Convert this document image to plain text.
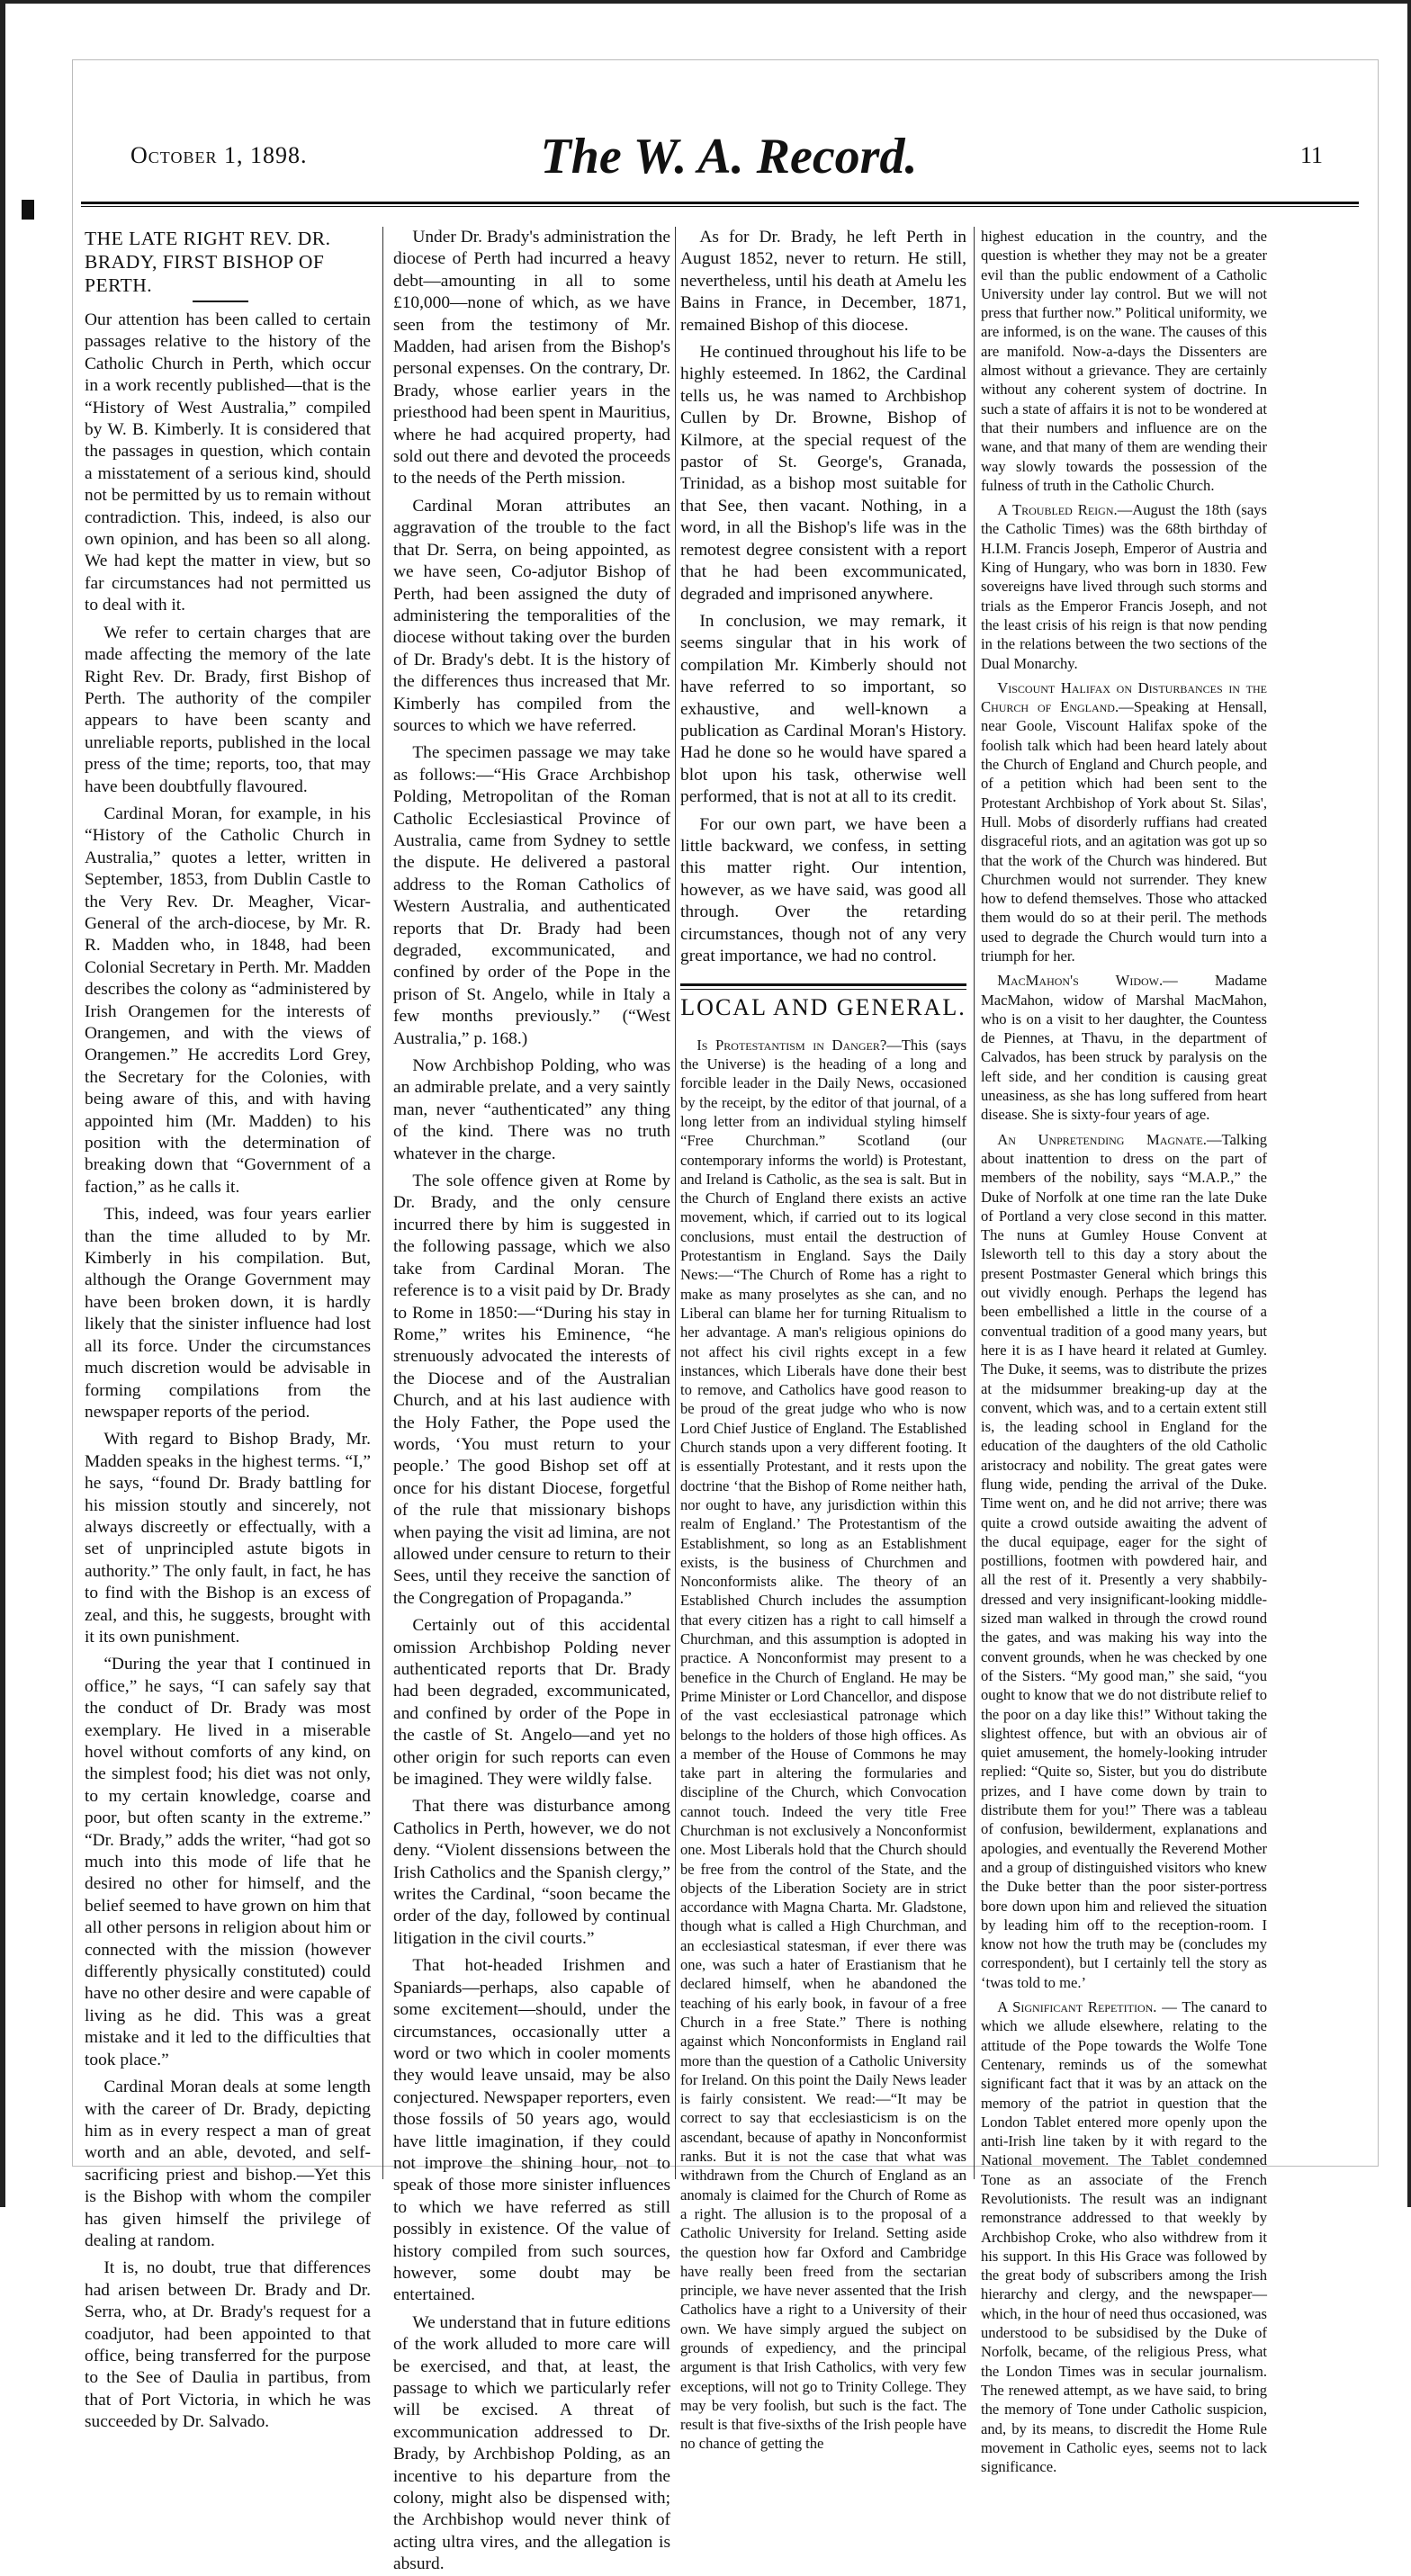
October 1, 1898.	The W. A. Record.	11

THE LATE RIGHT REV. DR. BRADY, FIRST BISHOP OF PERTH.

Our attention has been called to certain passages relative to the history of the Catholic Church in Perth, which occur in a work recently published—that is the “History of West Australia,” compiled by W. B. Kimberly. It is considered that the passages in question, which contain a misstatement of a serious kind, should not be permitted by us to remain without contradiction. This, indeed, is also our own opinion, and has been so all along. We had kept the matter in view, but so far circumstances had not permitted us to deal with it.

We refer to certain charges that are made affecting the memory of the late Right Rev. Dr. Brady, first Bishop of Perth. The authority of the compiler appears to have been scanty and unreliable reports, published in the local press of the time; reports, too, that may have been doubtfully flavoured.

Cardinal Moran, for example, in his “History of the Catholic Church in Australia,” quotes a letter, written in September, 1853, from Dublin Castle to the Very Rev. Dr. Meagher, Vicar-General of the arch-diocese, by Mr. R. R. Madden who, in 1848, had been Colonial Secretary in Perth. Mr. Madden describes the colony as “administered by Irish Orangemen for the interests of Orangemen, and with the views of Orangemen.” He accredits Lord Grey, the Secretary for the Colonies, with being aware of this, and with having appointed him (Mr. Madden) to his position with the determination of breaking down that “Government of a faction,” as he calls it.

This, indeed, was four years earlier than the time alluded to by Mr. Kimberly in his compilation. But, although the Orange Government may have been broken down, it is hardly likely that the sinister influence had lost all its force. Under the circumstances much discretion would be advisable in forming compilations from the newspaper reports of the period.

With regard to Bishop Brady, Mr. Madden speaks in the highest terms. “I,” he says, “found Dr. Brady battling for his mission stoutly and sincerely, not always discreetly or effectually, with a set of unprincipled astute bigots in authority.” The only fault, in fact, he has to find with the Bishop is an excess of zeal, and this, he suggests, brought with it its own punishment.

“During the year that I continued in office,” he says, “I can safely say that the conduct of Dr. Brady was most exemplary. He lived in a miserable hovel without comforts of any kind, on the simplest food; his diet was not only, to my certain knowledge, coarse and poor, but often scanty in the extreme.” “Dr. Brady,” adds the writer, “had got so much into this mode of life that he desired no other for himself, and the belief seemed to have grown on him that all other persons in religion about him or connected with the mission (however differently physically constituted) could have no other desire and were capable of living as he did. This was a great mistake and it led to the difficulties that took place.”

Cardinal Moran deals at some length with the career of Dr. Brady, depicting him as in every respect a man of great worth and an able, devoted, and self-sacrificing priest and bishop.—Yet this is the Bishop with whom the compiler has given himself the privilege of dealing at random.

It is, no doubt, true that differences had arisen between Dr. Brady and Dr. Serra, who, at Dr. Brady's request for a coadjutor, had been appointed to that office, being transferred for the purpose to the See of Daulia in partibus, from that of Port Victoria, in which he was succeeded by Dr. Salvado.

Under Dr. Brady's administration the diocese of Perth had incurred a heavy debt—amounting in all to some £10,000—none of which, as we have seen from the testimony of Mr. Madden, had arisen from the Bishop's personal expenses. On the contrary, Dr. Brady, whose earlier years in the priesthood had been spent in Mauritius, where he had acquired property, had sold out there and devoted the proceeds to the needs of the Perth mission.

Cardinal Moran attributes an aggravation of the trouble to the fact that Dr. Serra, on being appointed, as we have seen, Co-adjutor Bishop of Perth, had been assigned the duty of administering the temporalities of the diocese without taking over the burden of Dr. Brady's debt. It is the history of the differences thus increased that Mr. Kimberly has compiled from the sources to which we have referred.

The specimen passage we may take as follows:—“His Grace Archbishop Polding, Metropolitan of the Roman Catholic Ecclesiastical Province of Australia, came from Sydney to settle the dispute. He delivered a pastoral address to the Roman Catholics of Western Australia, and authenticated reports that Dr. Brady had been degraded, excommunicated, and confined by order of the Pope in the prison of St. Angelo, while in Italy a few months previously.” (“West Australia,” p. 168.)

Now Archbishop Polding, who was an admirable prelate, and a very saintly man, never “authenticated” any thing of the kind. There was no truth whatever in the charge.

The sole offence given at Rome by Dr. Brady, and the only censure incurred there by him is suggested in the following passage, which we also take from Cardinal Moran. The reference is to a visit paid by Dr. Brady to Rome in 1850:—“During his stay in Rome,” writes his Eminence, “he strenuously advocated the interests of the Diocese and of the Australian Church, and at his last audience with the Holy Father, the Pope used the words, ‘You must return to your people.’ The good Bishop set off at once for his distant Diocese, forgetful of the rule that missionary bishops when paying the visit ad limina, are not allowed under censure to return to their Sees, until they receive the sanction of the Congregation of Propaganda.”

Certainly out of this accidental omission Archbishop Polding never authenticated reports that Dr. Brady had been degraded, excommunicated, and confined by order of the Pope in the castle of St. Angelo—and yet no other origin for such reports can even be imagined. They were wildly false.

That there was disturbance among Catholics in Perth, however, we do not deny. “Violent dissensions between the Irish Catholics and the Spanish clergy,” writes the Cardinal, “soon became the order of the day, followed by continual litigation in the civil courts.”

That hot-headed Irishmen and Spaniards—perhaps, also capable of some excitement—should, under the circumstances, occasionally utter a word or two which in cooler moments they would leave unsaid, may be also conjectured. Newspaper reporters, even those fossils of 50 years ago, would have little imagination, if they could not improve the shining hour, not to speak of those more sinister influences to which we have referred as still possibly in existence. Of the value of history compiled from such sources, however, some doubt may be entertained.

We understand that in future editions of the work alluded to more care will be exercised, and that, at least, the passage to which we particularly refer will be excised. A threat of excommunication addressed to Dr. Brady, by Archbishop Polding, as an incentive to his departure from the colony, might also be dispensed with; the Archbishop would never think of acting ultra vires, and the allegation is absurd.

As for Dr. Brady, he left Perth in August 1852, never to return. He still, nevertheless, until his death at Amelu les Bains in France, in December, 1871, remained Bishop of this diocese.

He continued throughout his life to be highly esteemed. In 1862, the Cardinal tells us, he was named to Archbishop Cullen by Dr. Browne, Bishop of Kilmore, at the special request of the pastor of St. George's, Granada, Trinidad, as a bishop most suitable for that See, then vacant. Nothing, in a word, in all the Bishop's life was in the remotest degree consistent with a report that he had been excommunicated, degraded and imprisoned anywhere.

In conclusion, we may remark, it seems singular that in his work of compilation Mr. Kimberly should not have referred to so important, so exhaustive, and well-known a publication as Cardinal Moran's History. Had he done so he would have spared a blot upon his task, otherwise well performed, that is not at all to its credit.

For our own part, we have been a little backward, we confess, in setting this matter right. Our intention, however, as we have said, was good all through. Over the retarding circumstances, though not of any very great importance, we had no control.

LOCAL AND GENERAL.

Is Protestantism in Danger?—This (says the Universe) is the heading of a long and forcible leader in the Daily News, occasioned by the receipt, by the editor of that journal, of a long letter from an individual styling himself “Free Churchman.” Scotland (our contemporary informs the world) is Protestant, and Ireland is Catholic, as the sea is salt. But in the Church of England there exists an active movement, which, if carried out to its logical conclusions, must entail the destruction of Protestantism in England. Says the Daily News:—“The Church of Rome has a right to make as many proselytes as she can, and no Liberal can blame her for turning Ritualism to her advantage. A man's religious opinions do not affect his civil rights except in a few instances, which Liberals have done their best to remove, and Catholics have good reason to be proud of the great judge who who is now Lord Chief Justice of England. The Established Church stands upon a very different footing. It is essentially Protestant, and it rests upon the doctrine ‘that the Bishop of Rome neither hath, nor ought to have, any jurisdiction within this realm of England.’ The Protestantism of the Establishment, so long as an Establishment exists, is the business of Churchmen and Nonconformists alike. The theory of an Established Church includes the assumption that every citizen has a right to call himself a Churchman, and this assumption is adopted in practice. A Nonconformist may present to a benefice in the Church of England. He may be Prime Minister or Lord Chancellor, and dispose of the vast ecclesiastical patronage which belongs to the holders of those high offices. As a member of the House of Commons he may take part in altering the formularies and discipline of the Church, which Convocation cannot touch. Indeed the very title Free Churchman is not exclusively a Nonconformist one. Most Liberals hold that the Church should be free from the control of the State, and the objects of the Liberation Society are in strict accordance with Magna Charta. Mr. Gladstone, though what is called a High Churchman, and an ecclesiastical statesman, if ever there was one, was such a hater of Erastianism that he declared himself, when he abandoned the teaching of his early book, in favour of a free Church in a free State.” There is nothing against which Nonconformists in England rail more than the question of a Catholic University for Ireland. On this point the Daily News leader is fairly consistent. We read:—“It may be correct to say that ecclesiasticism is on the ascendant, because of apathy in Nonconformist ranks. But it is not the case that what was withdrawn from the Church of England as an anomaly is claimed for the Church of Rome as a right. The allusion is to the proposal of a Catholic University for Ireland. Setting aside the question how far Oxford and Cambridge have really been freed from the sectarian principle, we have never assented that the Irish Catholics have a right to a University of their own. We have simply argued the subject on grounds of expediency, and the principal argument is that Irish Catholics, with very few exceptions, will not go to Trinity College. They may be very foolish, but such is the fact. The result is that five-sixths of the Irish people have no chance of getting the

highest education in the country, and the question is whether they may not be a greater evil than the public endowment of a Catholic University under lay control. But we will not press that further now.” Political uniformity, we are informed, is on the wane. The causes of this are manifold. Now-a-days the Dissenters are almost without a grievance. They are certainly without any coherent system of doctrine. In such a state of affairs it is not to be wondered at that their numbers and influence are on the wane, and that many of them are wending their way slowly towards the possession of the fulness of truth in the Catholic Church.

A Troubled Reign.—August the 18th (says the Catholic Times) was the 68th birthday of H.I.M. Francis Joseph, Emperor of Austria and King of Hungary, who was born in 1830. Few sovereigns have lived through such storms and trials as the Emperor Francis Joseph, and not the least crisis of his reign is that now pending in the relations between the two sections of the Dual Monarchy.

Viscount Halifax on Disturbances in the Church of England.—Speaking at Hensall, near Goole, Viscount Halifax spoke of the foolish talk which had been heard lately about the Church of England and Church people, and of a petition which had been sent to the Protestant Archbishop of York about St. Silas', Hull. Mobs of disorderly ruffians had created disgraceful riots, and an agitation was got up so that the work of the Church was hindered. But Churchmen would not surrender. They knew how to defend themselves. Those who attacked them would do so at their peril. The methods used to degrade the Church would turn into a triumph for her.

MacMahon's Widow.— Madame MacMahon, widow of Marshal MacMahon, who is on a visit to her daughter, the Countess de Piennes, at Thavu, in the department of Calvados, has been struck by paralysis on the left side, and her condition is causing great uneasiness, as she has long suffered from heart disease. She is sixty-four years of age.

An Unpretending Magnate.—Talking about inattention to dress on the part of members of the nobility, says “M.A.P.,” the Duke of Norfolk at one time ran the late Duke of Portland a very close second in this matter. The nuns at Gumley House Convent at Isleworth tell to this day a story about the present Postmaster General which brings this out vividly enough. Perhaps the legend has been embellished a little in the course of a conventual tradition of a good many years, but here it is as I have heard it related at Gumley. The Duke, it seems, was to distribute the prizes at the midsummer breaking-up day at the convent, which was, and to a certain extent still is, the leading school in England for the education of the daughters of the old Catholic aristocracy and nobility. The great gates were flung wide, pending the arrival of the Duke. Time went on, and he did not arrive; there was quite a crowd outside awaiting the advent of the ducal equipage, eager for the sight of postillions, footmen with powdered hair, and all the rest of it. Presently a very shabbily-dressed and very insignificant-looking middle-sized man walked in through the crowd round the gates, and was making his way into the convent grounds, when he was checked by one of the Sisters. “My good man,” she said, “you ought to know that we do not distribute relief to the poor on a day like this!” Without taking the slightest offence, but with an obvious air of quiet amusement, the homely-looking intruder replied: “Quite so, Sister, but you do distribute prizes, and I have come down by train to distribute them for you!” There was a tableau of confusion, bewilderment, explanations and apologies, and eventually the Reverend Mother and a group of distinguished visitors who knew the Duke better than the poor sister-portress bore down upon him and relieved the situation by leading him off to the reception-room. I know not how the truth may be (concludes my correspondent), but I certainly tell the story as ‘twas told to me.’

A Significant Repetition. — The canard to which we allude elsewhere, relating to the attitude of the Pope towards the Wolfe Tone Centenary, reminds us of the somewhat significant fact that it was by an attack on the memory of the patriot in question that the London Tablet entered more openly upon the anti-Irish line taken by it with regard to the National movement. The Tablet condemned Tone as an associate of the French Revolutionists. The result was an indignant remonstrance addressed to that weekly by Archbishop Croke, who also withdrew from it his support. In this His Grace was followed by the great body of subscribers among the Irish hierarchy and clergy, and the newspaper—which, in the hour of need thus occasioned, was understood to be subsidised by the Duke of Norfolk, became, of the religious Press, what the London Times was in secular journalism. The renewed attempt, as we have said, to bring the memory of Tone under Catholic suspicion, and, by its means, to discredit the Home Rule movement in Catholic eyes, seems not to lack significance.
